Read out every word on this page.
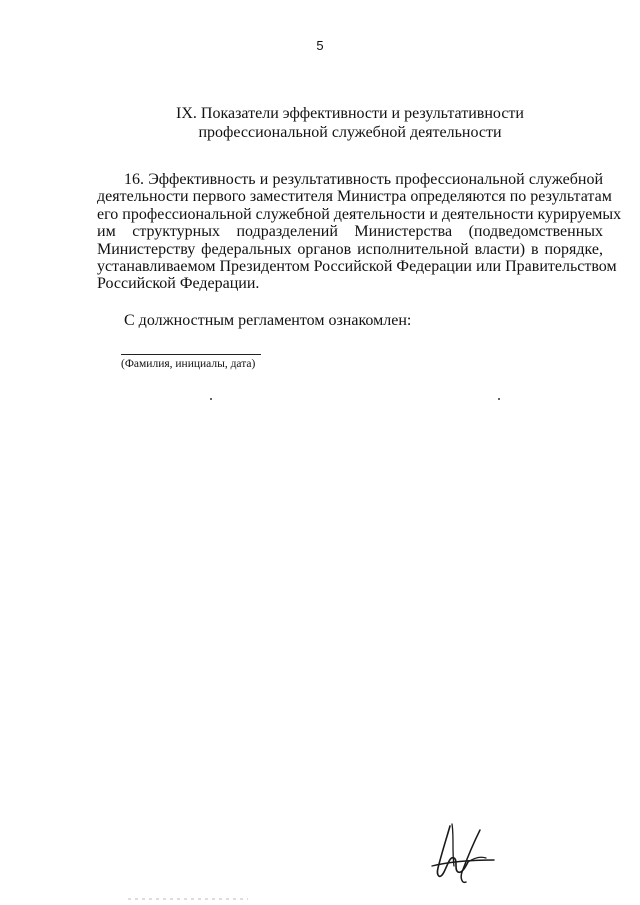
5
IX. Показатели эффективности и результативности
профессиональной служебной деятельности
16. Эффективность и результативность профессиональной служебной
деятельности первого заместителя Министра определяются по результатам
его профессиональной служебной деятельности и деятельности курируемых
им структурных подразделений Министерства (подведомственных
Министерству федеральных органов исполнительной власти) в порядке,
устанавливаемом Президентом Российской Федерации или Правительством
Российской Федерации.
С должностным регламентом ознакомлен:
(Фамилия, инициалы, дата)
